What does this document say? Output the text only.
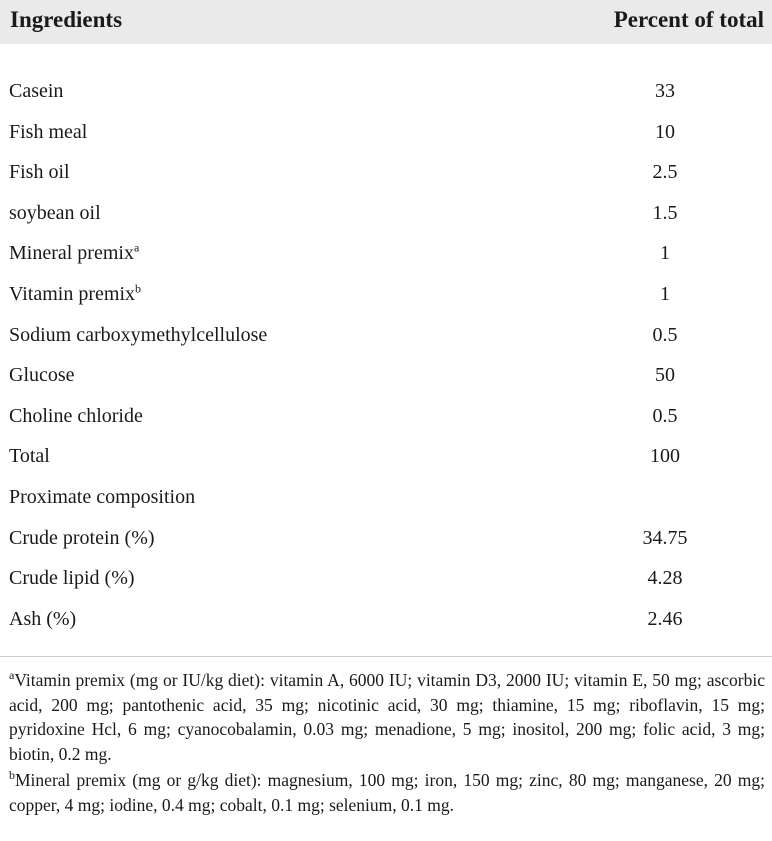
Ingredients	Percent of total
Casein	33
Fish meal	10
Fish oil	2.5
soybean oil	1.5
Mineral premix$^a$	1
Vitamin premix$^b$	1
Sodium carboxymethylcellulose	0.5
Glucose	50
Choline chloride	0.5
Total	100
Proximate composition
Crude protein (%)	34.75
Crude lipid (%)	4.28
Ash (%)	2.46

$^a$Vitamin premix (mg or IU/kg diet): vitamin A, 6000 IU; vitamin D3, 2000 IU; vitamin E, 50 mg; ascorbic acid, 200 mg; pantothenic acid, 35 mg; nicotinic acid, 30 mg; thiamine, 15 mg; riboflavin, 15 mg; pyridoxine Hcl, 6 mg; cyanocobalamin, 0.03 mg; menadione, 5 mg; inositol, 200 mg; folic acid, 3 mg; biotin, 0.2 mg.

$^b$Mineral premix (mg or g/kg diet): magnesium, 100 mg; iron, 150 mg; zinc, 80 mg; manganese, 20 mg; copper, 4 mg; iodine, 0.4 mg; cobalt, 0.1 mg; selenium, 0.1 mg.
